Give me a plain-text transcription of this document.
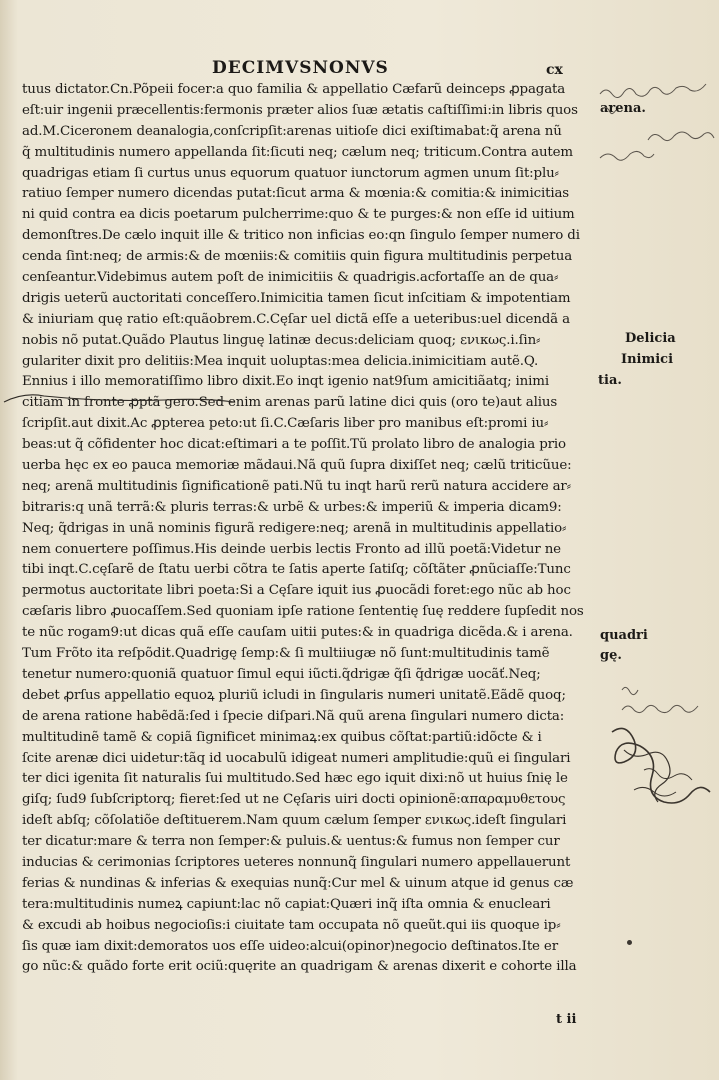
DECIMVSNONVS	cx
tuus dictator.Cn.Põpeii focer:a quo familia & appellatio Cæfarũ deinceps ꝓpagata
eſt:uir ingenii præcellentis:fermonis præter alios ſuæ ætatis caſtiſſimi:in libris quos
ad.M.Ciceronem deanalogia,conſcripſit:arenas uitioſe dici exiſtimabat:q̃ arena nũ
q̃ multitudinis numero appellanda ſit:ſicuti neq; cælum neq; triticum.Contra autem
quadrigas etiam ſi curtus unus equorum quatuor iunctorum agmen unum ſit:plu⸗
ratiuo ſemper numero dicendas putat:ſicut arma & mœnia:& comitia:& inimicitias
ni quid contra ea dicis poetarum pulcherrime:quo & te purges:& non eſſe id uitium
demonſtres.De cælo inquit ille & tritico non inficias eo:qn ſingulo ſemper numero di
cenda ſint:neq; de armis:& de mœniis:& comitiis quin figura multitudinis perpetua
cenſeantur.Videbimus autem poſt de inimicitiis & quadrigis.acfortaſſe an de qua⸗
drigis ueterũ auctoritati conceſſero.Inimicitia tamen ſicut inſcitiam & impotentiam
& iniuriam quę ratio eſt:quãobrem.C.Cęſar uel dictã eſſe a ueteribus:uel dicendã a
nobis nõ putat.Quãdo Plautus linguę latinæ decus:deliciam quoq; ενικως.i.ſin⸗
gulariter dixit pro delitiis:Mea inquit uoluptas:mea delicia.inimicitiam autẽ.Q.
Ennius i illo memoratiſſimo libro dixit.Eo inqt igenio nat9ſum amicitiãatq; inimi
citiam in fronte ꝓptã gero.Sed enim arenas parũ latine dici quis (oro te)aut alius
ſcripſit.aut dixit.Ac ꝓpterea peto:ut ſi.C.Cæſaris liber pro manibus eſt:promi iu⸗
beas:ut q̃ cõfidenter hoc dicat:eſtimari a te poſſit.Tũ prolato libro de analogia prio
uerba hęc ex eo pauca memoriæ mãdaui.Nã quũ ſupra dixiſſet neq; cælũ triticũue:
neq; arenã multitudinis ſignificationẽ pati.Nũ tu inqt harũ rerũ natura accidere ar⸗
bitraris:q unã terrã:& pluris terras:& urbẽ & urbes:& imperiũ & imperia dicam9:
Neq; q̃drigas in unã nominis figurã redigere:neq; arenã in multitudinis appellatio⸗
nem conuertere poſſimus.His deinde uerbis lectis Fronto ad illũ poetã:Videtur ne
tibi inqt.C.cęſarẽ de ſtatu uerbi cõtra te ſatis aperte ſatiſq; cõſtãter ꝓnũciaſſe:Tunc
permotus auctoritate libri poeta:Si a Cęſare iquit ius ꝓuocãdi foret:ego nũc ab hoc
cæſaris libro ꝓuocaſſem.Sed quoniam ipſe ratione ſententię ſuę reddere ſupſedit nos
te nũc rogam9:ut dicas quã eſſe cauſam uitii putes:& in quadriga dicẽda.& i arena.
Tum Frõto ita reſpõdit.Quadrigę ſemp:& ſi multiiugæ nõ ſunt:multitudinis tamẽ
tenetur numero:quoniã quatuor ſimul equi iũcti.q̃drigæ q̃ſi q̃drigæ uocãť.Neq;
debet ꝓrſus appellatio equoꝝ pluriũ icludi in ſingularis numeri unitatẽ.Eãdẽ quoq;
de arena ratione habẽdã:ſed i ſpecie diſpari.Nã quũ arena ſingulari numero dicta:
multitudinẽ tamẽ & copiã ſignificet minimaꝝ:ex quibus cõſtat:partiũ:idõcte & i
ſcite arenæ dici uidetur:tãq id uocabulũ idigeat numeri amplitudie:quũ ei ſingulari
ter dici igenita ſit naturalis ſui multitudo.Sed hæc ego iquit dixi:nõ ut huius ſnię le
giſq; ſud9 ſubſcriptorq; fieret:ſed ut ne Cęſaris uiri docti opinionẽ:απαραμυθετους
ideſt abſq; cõſolatiõe deſtituerem.Nam quum cælum ſemper ενικως.ideſt ſingulari
ter dicatur:mare & terra non ſemper:& puluis.& uentus:& fumus non ſemper cur
inducias & cerimonias ſcriptores ueteres nonnunq̃ ſingulari numero appellauerunt
ferias & nundinas & inferias & exequias nunq̃:Cur mel & uinum atque id genus cæ
tera:multitudinis numeꝝ capiunt:lac nõ capiat:Quæri inq̃ iſta omnia & enucleari
& excudi ab hoibus negocioſis:i ciuitate tam occupata nõ queũt.qui iis quoque ip⸗
ſis quæ iam dixit:demoratos uos eſſe uideo:alcui(opinor)negocio deſtinatos.Ite er
go nũc:& quãdo forte erit ociũ:quęrite an quadrigam & arenas dixerit e cohorte illa
arena.
Delicia
Inimici
tia.
quadri
gę.
t ii
